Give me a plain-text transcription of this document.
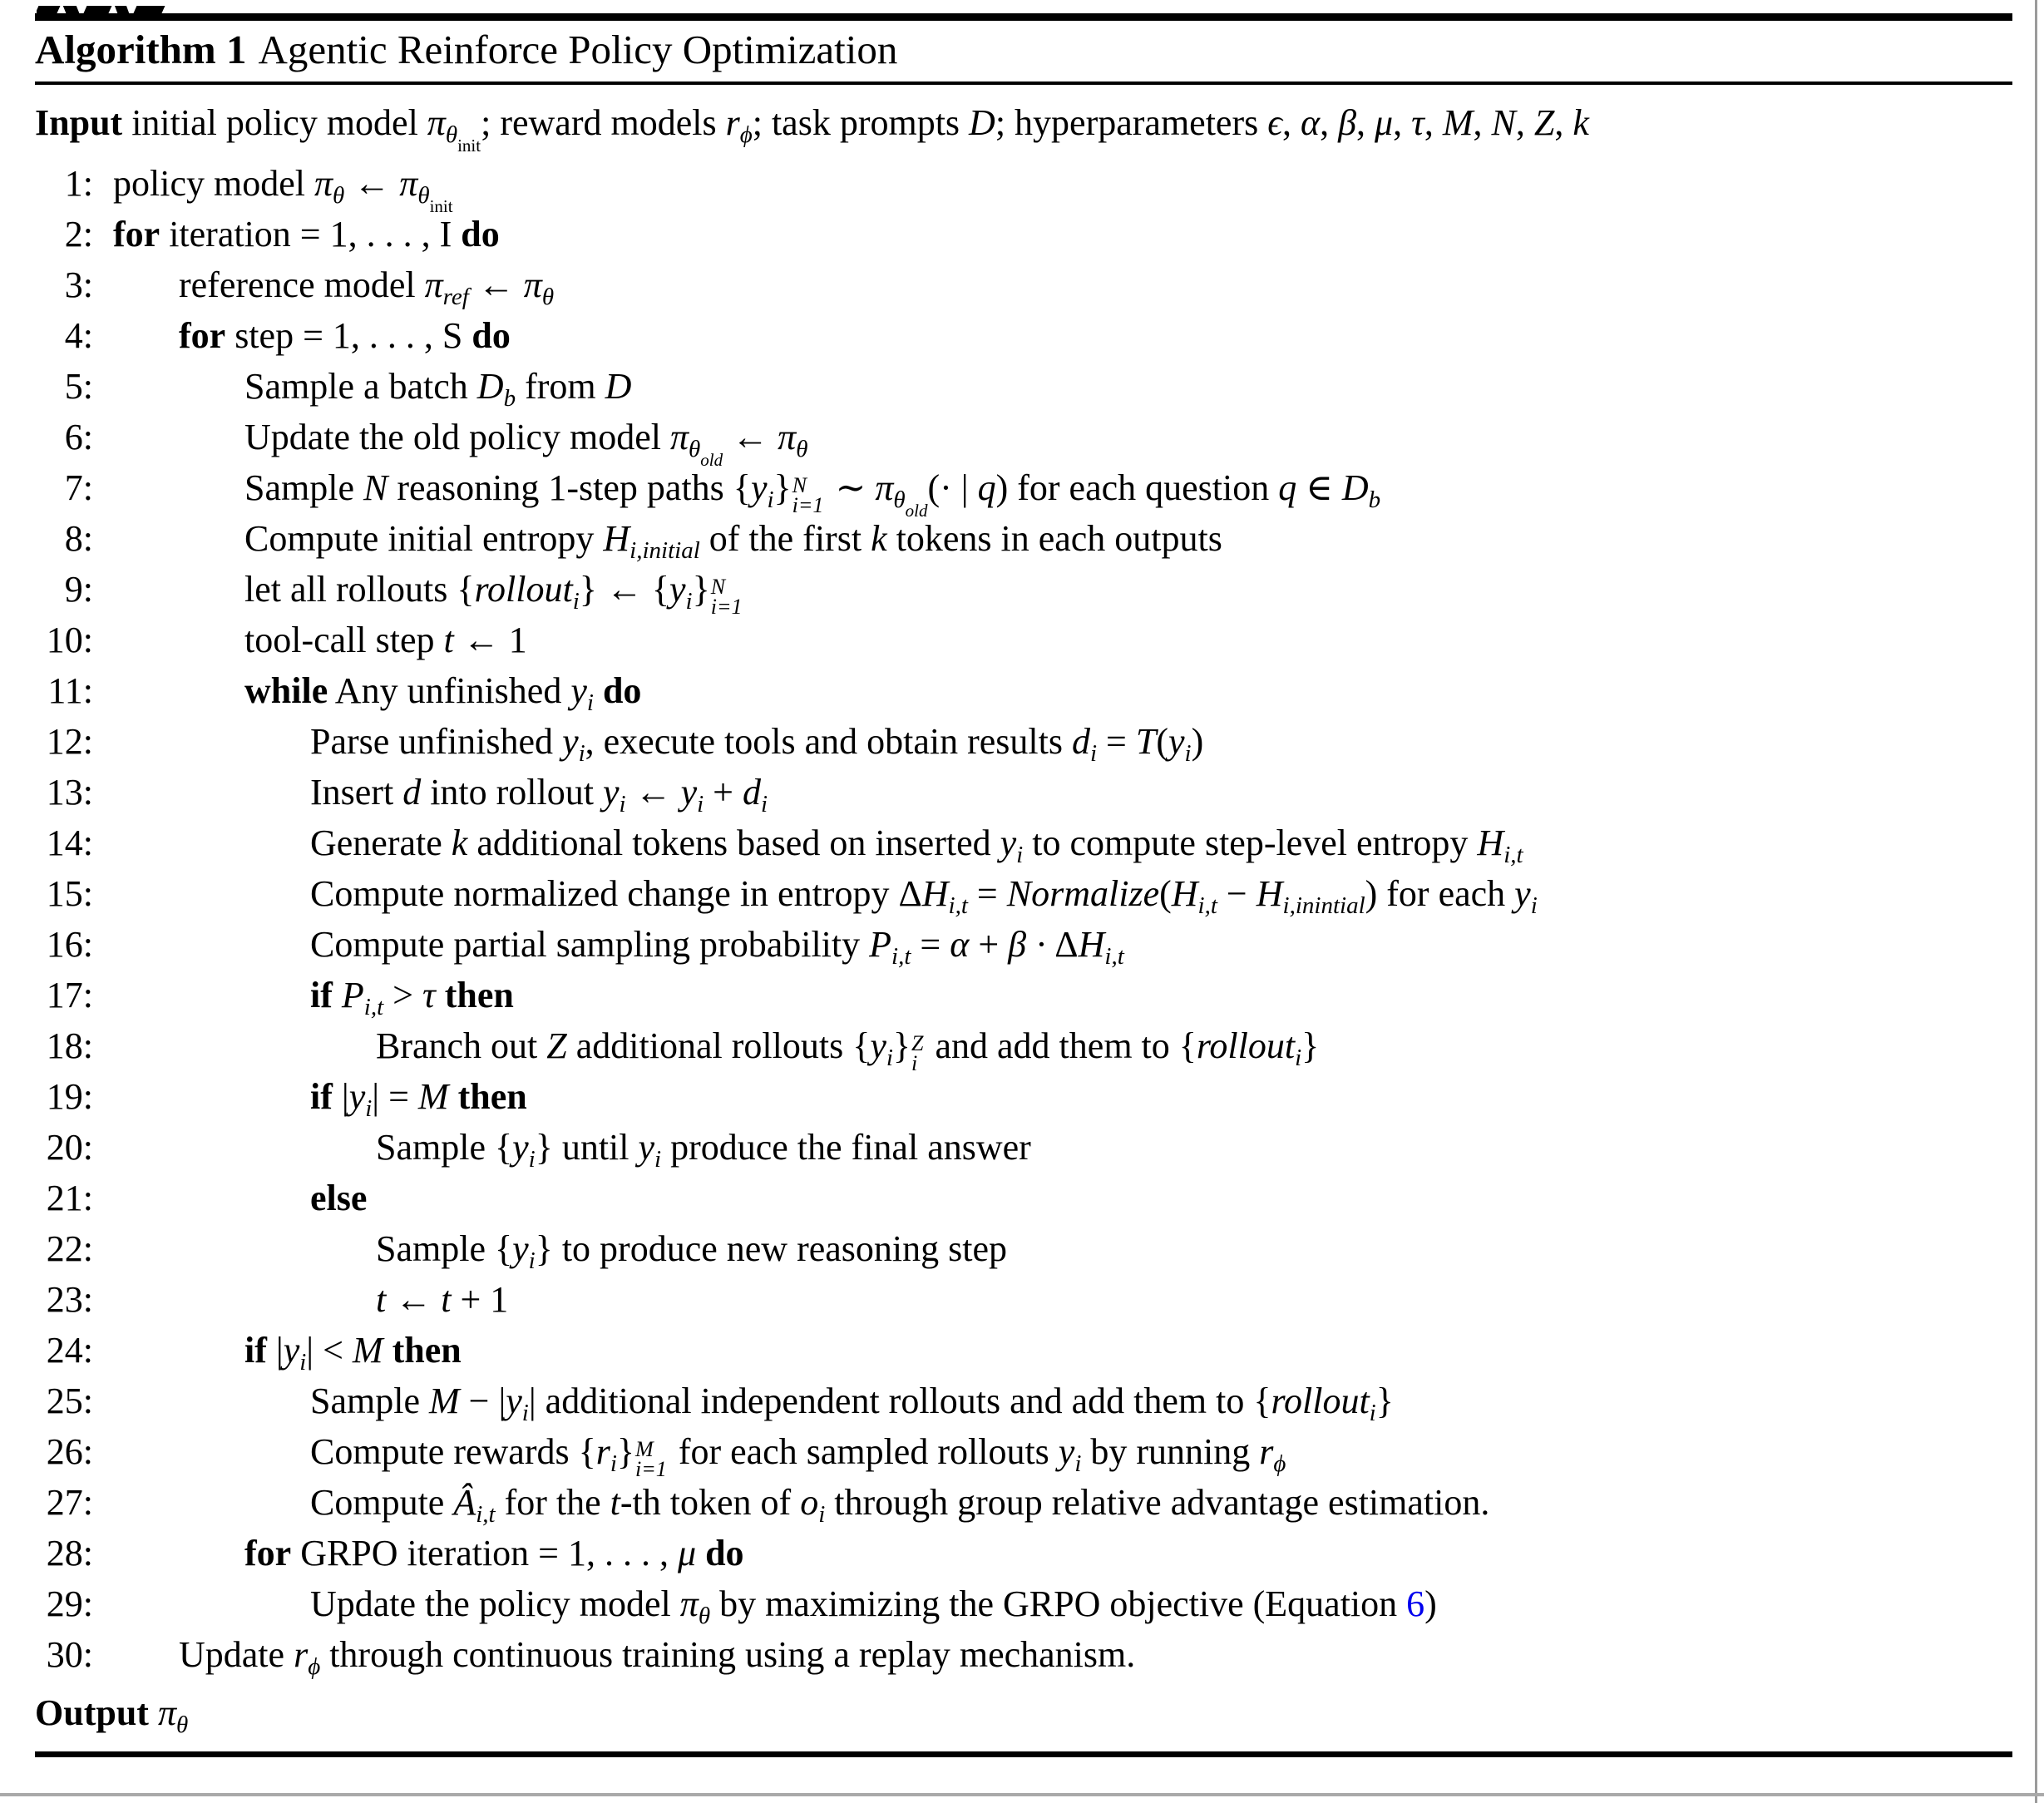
Algorithm 1 Agentic Reinforce Policy Optimization
Input initial policy model $\pi_{\theta init}$; reward models $r_\phi$; task prompts D; hyperparameters ϵ, α, β, μ, τ, M, N, Z, k
1: policy model $\pi_\theta$ ← $\pi_{\theta init}$
2: for iteration = 1, . . . , I do
3: reference model $\pi_{ref}$ ← $\pi_\theta$
4: for step = 1, . . . , S do
5:	Sample a batch $D_b$ from D
6:	Update the old policy model $\pi_{\theta old}$ ← $\pi_\theta$
7:	Sample N reasoning 1-step paths $\{y_i\}$ N
i=1 ∼ $\pi_{\theta old}(\cdot$ | q) for each question q ∈ $D_b$
8:	Compute initial entropy $H_{i,initial}$ of the first k tokens in each outputs
9:	let all rollouts {rollout$_i$} ← $\{y_i\}$ N
i=1
10:	tool-call step t ← 1
11:	while Any unfinished $y_i$ do
12:	Parse unfinished $y_i$, execute tools and obtain results $d_i = T(y_i)$
13:	Insert d into rollout $y_i$ ← $y_i + d_i$
14:	Generate k additional tokens based on inserted $y_i$ to compute step-level entropy $H_{i,t}$
15:	Compute normalized change in entropy $\Delta H_{i,t}$ = $Normalize(H_{i,t} - H_{i,inintial})$ for each $y_i$
16:	Compute partial sampling probability $P_{i,t} = \alpha + \beta \cdot \Delta H_{i,t}$
17:	if $P_{i,t} > \tau$ then
18:	Branch out Z additional rollouts $\{y_i\}$ Z
i and add them to {rollout$_i$}
19:	if $|y_i| = M$ then
20:	Sample $\{y_i\}$ until $y_i$ produce the final answer
21:	else
22:	Sample $\{y_i\}$ to produce new reasoning step
23:	t ← t + 1
24:	if $|y_i| < M$ then
25:	Sample $M - |y_i|$ additional independent rollouts and add them to {rollout$_i$}
26:	Compute rewards $\{r_i\}$ M
i=1 for each sampled rollouts $y_i$ by running $r_\phi$
27:	Compute $Â_{i,t}$ for the t-th token of $o_i$ through group relative advantage estimation.
28:	for GRPO iteration = 1, . . . , μ do
29:	Update the policy model $\pi_\theta$ by maximizing the GRPO objective (Equation 6)
30: Update $r_\phi$ through continuous training using a replay mechanism.
Output $\pi_\theta$
